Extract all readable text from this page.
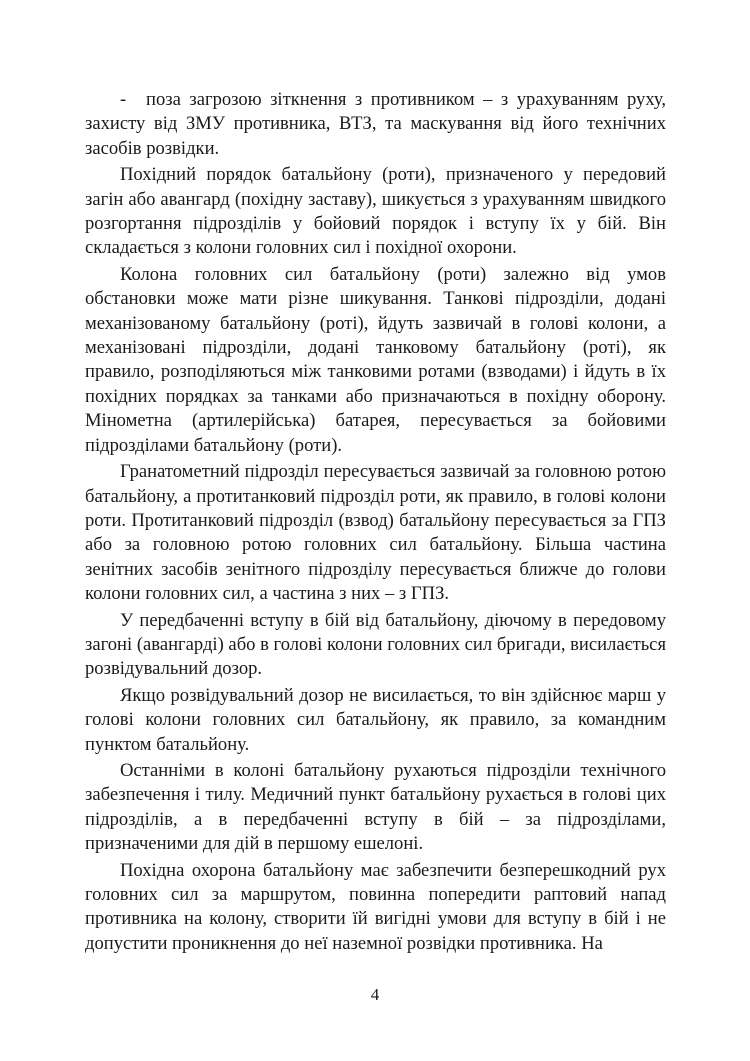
- поза загрозою зіткнення з противником – з урахуванням руху, захисту від ЗМУ противника, ВТЗ, та маскування від його технічних засобів розвідки.

Похідний порядок батальйону (роти), призначеного у передовий загін або авангард (похідну заставу), шикується з урахуванням швидкого розгортання підрозділів у бойовий порядок і вступу їх у бій. Він складається з колони головних сил і похідної охорони.

Колона головних сил батальйону (роти) залежно від умов обстановки може мати різне шикування. Танкові підрозділи, додані механізованому батальйону (роті), йдуть зазвичай в голові колони, а механізовані підрозділи, додані танковому батальйону (роті), як правило, розподіляються між танковими ротами (взводами) і йдуть в їх похідних порядках за танками або призначаються в похідну оборону. Мінометна (артилерійська) батарея, пересувається за бойовими підрозділами батальйону (роти).

Гранатометний підрозділ пересувається зазвичай за головною ротою батальйону, а протитанковий підрозділ роти, як правило, в голові колони роти. Протитанковий підрозділ (взвод) батальйону пересувається за ГПЗ або за головною ротою головних сил батальйону. Більша частина зенітних засобів зенітного підрозділу пересувається ближче до голови колони головних сил, а частина з них – з ГПЗ.

У передбаченні вступу в бій від батальйону, діючому в передовому загоні (авангарді) або в голові колони головних сил бригади, висилається розвідувальний дозор.

Якщо розвідувальний дозор не висилається, то він здійснює марш у голові колони головних сил батальйону, як правило, за командним пунктом батальйону.

Останніми в колоні батальйону рухаються підрозділи технічного забезпечення і тилу. Медичний пункт батальйону рухається в голові цих підрозділів, а в передбаченні вступу в бій – за підрозділами, призначеними для дій в першому ешелоні.

Похідна охорона батальйону має забезпечити безперешкодний рух головних сил за маршрутом, повинна попередити раптовий напад противника на колону, створити їй вигідні умови для вступу в бій і не допустити проникнення до неї наземної розвідки противника. На

4
